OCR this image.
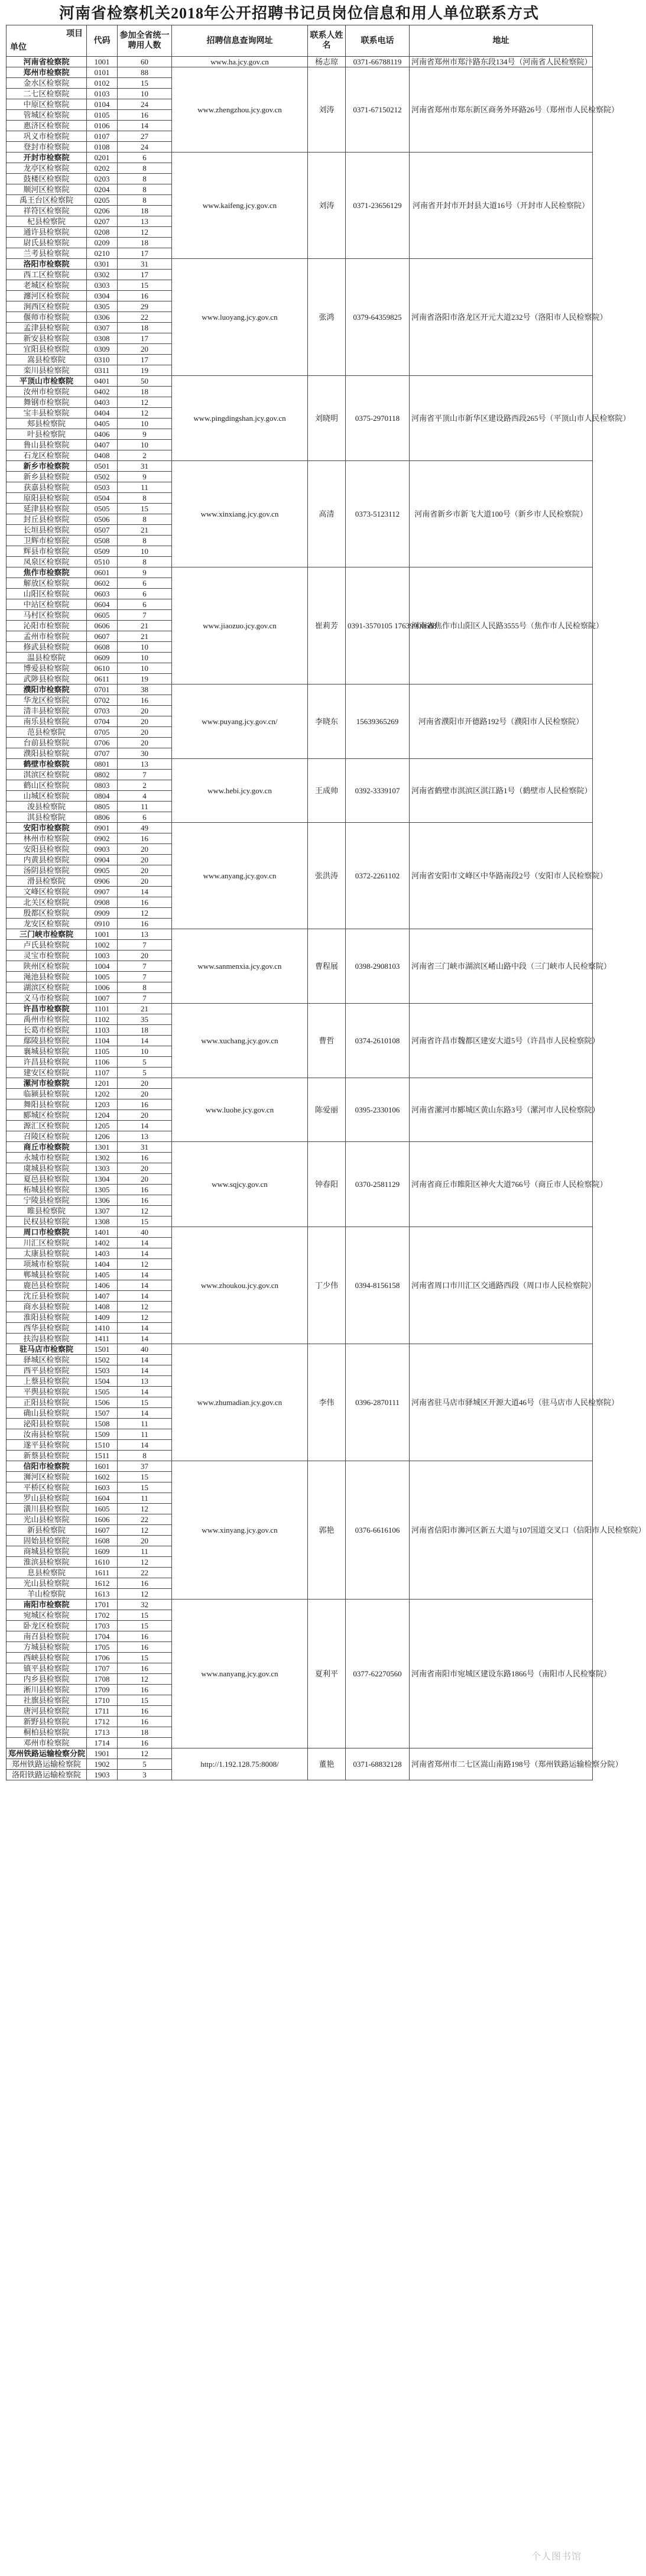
河南省检察机关2018年公开招聘书记员岗位信息和用人单位联系方式
项目
单位	代码	参加全省统一聘用人数	招聘信息查询网址	联系人姓名	联系电话	地址
河南省检察院	1001	60	www.ha.jcy.gov.cn	杨志琼	0371-66788119	河南省郑州市郑汴路东段134号（河南省人民检察院）
郑州市检察院	0101	88	www.zhengzhou.jcy.gov.cn	刘涛	0371-67150212	河南省郑州市郑东新区商务外环路26号（郑州市人民检察院）
金水区检察院	0102	15				
二七区检察院	0103	10				
中原区检察院	0104	24				
管城区检察院	0105	16				
惠济区检察院	0106	14				
巩义市检察院	0107	27				
登封市检察院	0108	24				
开封市检察院	0201	6	www.kaifeng.jcy.gov.cn	刘涛	0371-23656129	河南省开封市开封县大道16号（开封市人民检察院）
龙亭区检察院	0202	8				
鼓楼区检察院	0203	8				
顺河区检察院	0204	8				
禹王台区检察院	0205	8				
祥符区检察院	0206	18				
杞县检察院	0207	13				
通许县检察院	0208	12				
尉氏县检察院	0209	18				
兰考县检察院	0210	17				
洛阳市检察院	0301	31	www.luoyang.jcy.gov.cn	张鸿	0379-64359825	河南省洛阳市洛龙区开元大道232号（洛阳市人民检察院）
西工区检察院	0302	17				
老城区检察院	0303	15				
瀍河区检察院	0304	16				
涧西区检察院	0305	29				
偃师市检察院	0306	22				
孟津县检察院	0307	18				
新安县检察院	0308	17				
宜阳县检察院	0309	20				
嵩县检察院	0310	17				
栾川县检察院	0311	19				
平顶山市检察院	0401	50	www.pingdingshan.jcy.gov.cn	刘晓明	0375-2970118	河南省平顶山市新华区建设路西段265号（平顶山市人民检察院）
汝州市检察院	0402	18				
舞钢市检察院	0403	12				
宝丰县检察院	0404	12				
郏县检察院	0405	10				
叶县检察院	0406	9				
鲁山县检察院	0407	10				
石龙区检察院	0408	2				
新乡市检察院	0501	31	www.xinxiang.jcy.gov.cn	高清	0373-5123112	河南省新乡市新飞大道100号（新乡市人民检察院）
新乡县检察院	0502	9				
获嘉县检察院	0503	11				
原阳县检察院	0504	8				
延津县检察院	0505	15				
封丘县检察院	0506	8				
长垣县检察院	0507	21				
卫辉市检察院	0508	8				
辉县市检察院	0509	10				
凤泉区检察院	0510	8				
焦作市检察院	0601	9	www.jiaozuo.jcy.gov.cn	崔莉芳	0391-3570105 17639900688	河南省焦作市山阳区人民路3555号（焦作市人民检察院）
解放区检察院	0602	6				
山阳区检察院	0603	6				
中站区检察院	0604	6				
马村区检察院	0605	7				
沁阳市检察院	0606	21				
孟州市检察院	0607	21				
修武县检察院	0608	10				
温县检察院	0609	10				
博爱县检察院	0610	10				
武陟县检察院	0611	19				
濮阳市检察院	0701	38	www.puyang.jcy.gov.cn/	李晓东	15639365269	河南省濮阳市开德路192号（濮阳市人民检察院）
华龙区检察院	0702	16				
清丰县检察院	0703	20				
南乐县检察院	0704	20				
范县检察院	0705	20				
台前县检察院	0706	20				
濮阳县检察院	0707	30				
鹤壁市检察院	0801	13	www.hebi.jcy.gov.cn	王成帅	0392-3339107	河南省鹤壁市淇滨区淇江路1号（鹤壁市人民检察院）
淇滨区检察院	0802	7				
鹤山区检察院	0803	2				
山城区检察院	0804	4				
浚县检察院	0805	11				
淇县检察院	0806	6				
安阳市检察院	0901	49	www.anyang.jcy.gov.cn	张洪涛	0372-2261102	河南省安阳市文峰区中华路南段2号（安阳市人民检察院）
林州市检察院	0902	16				
安阳县检察院	0903	20				
内黄县检察院	0904	20				
汤阴县检察院	0905	20				
滑县检察院	0906	20				
文峰区检察院	0907	14				
北关区检察院	0908	16				
殷都区检察院	0909	12				
龙安区检察院	0910	16				
三门峡市检察院	1001	13	www.sanmenxia.jcy.gov.cn	曹程展	0398-2908103	河南省三门峡市湖滨区崤山路中段（三门峡市人民检察院）
卢氏县检察院	1002	7				
灵宝市检察院	1003	20				
陕州区检察院	1004	7				
渑池县检察院	1005	7				
湖滨区检察院	1006	8				
义马市检察院	1007	7				
许昌市检察院	1101	21	www.xuchang.jcy.gov.cn	曹哲	0374-2610108	河南省许昌市魏都区建安大道5号（许昌市人民检察院）
禹州市检察院	1102	35				
长葛市检察院	1103	18				
鄢陵县检察院	1104	14				
襄城县检察院	1105	10				
许昌县检察院	1106	5				
建安区检察院	1107	5				
漯河市检察院	1201	20	www.luohe.jcy.gov.cn	陈爱丽	0395-2330106	河南省漯河市郾城区黄山东路3号（漯河市人民检察院）
临颍县检察院	1202	20				
舞阳县检察院	1203	16				
郾城区检察院	1204	20				
源汇区检察院	1205	14				
召陵区检察院	1206	13				
商丘市检察院	1301	31	www.sqjcy.gov.cn	钟春阳	0370-2581129	河南省商丘市睢阳区神火大道766号（商丘市人民检察院）
永城市检察院	1302	16				
虞城县检察院	1303	20				
夏邑县检察院	1304	20				
柘城县检察院	1305	16				
宁陵县检察院	1306	16				
睢县检察院	1307	12				
民权县检察院	1308	15				
周口市检察院	1401	40	www.zhoukou.jcy.gov.cn	丁少伟	0394-8156158	河南省周口市川汇区交通路西段（周口市人民检察院）
川汇区检察院	1402	14				
太康县检察院	1403	14				
项城市检察院	1404	12				
郸城县检察院	1405	14				
鹿邑县检察院	1406	14				
沈丘县检察院	1407	14				
商水县检察院	1408	12				
淮阳县检察院	1409	12				
西华县检察院	1410	14				
扶沟县检察院	1411	14				
驻马店市检察院	1501	40	www.zhumadian.jcy.gov.cn	李伟	0396-2870111	河南省驻马店市驿城区开源大道46号（驻马店市人民检察院）
驿城区检察院	1502	14				
西平县检察院	1503	14				
上蔡县检察院	1504	13				
平舆县检察院	1505	14				
正阳县检察院	1506	15				
确山县检察院	1507	14				
泌阳县检察院	1508	11				
汝南县检察院	1509	11				
遂平县检察院	1510	14				
新蔡县检察院	1511	8				
信阳市检察院	1601	37	www.xinyang.jcy.gov.cn	郭艳	0376-6616106	河南省信阳市浉河区新五大道与107国道交叉口（信阳市人民检察院）
浉河区检察院	1602	15				
平桥区检察院	1603	15				
罗山县检察院	1604	11				
潢川县检察院	1605	12				
光山县检察院	1606	22				
新县检察院	1607	12				
固始县检察院	1608	20				
商城县检察院	1609	11				
淮滨县检察院	1610	12				
息县检察院	1611	22				
光山县检察院	1612	16				
羊山检察院	1613	12				
南阳市检察院	1701	32	www.nanyang.jcy.gov.cn	夏利平	0377-62270560	河南省南阳市宛城区建设东路1866号（南阳市人民检察院）
宛城区检察院	1702	15				
卧龙区检察院	1703	15				
南召县检察院	1704	16				
方城县检察院	1705	16				
西峡县检察院	1706	15				
镇平县检察院	1707	16				
内乡县检察院	1708	12				
淅川县检察院	1709	16				
社旗县检察院	1710	15				
唐河县检察院	1711	16				
新野县检察院	1712	16				
桐柏县检察院	1713	18				
邓州市检察院	1714	16				
郑州铁路运输检察分院	1901	12	http://1.192.128.75:8008/	董艳	0371-68832128	河南省郑州市二七区嵩山南路198号（郑州铁路运输检察分院）
郑州铁路运输检察院	1902	5				
洛阳铁路运输检察院	1903	3				
个人图书馆
